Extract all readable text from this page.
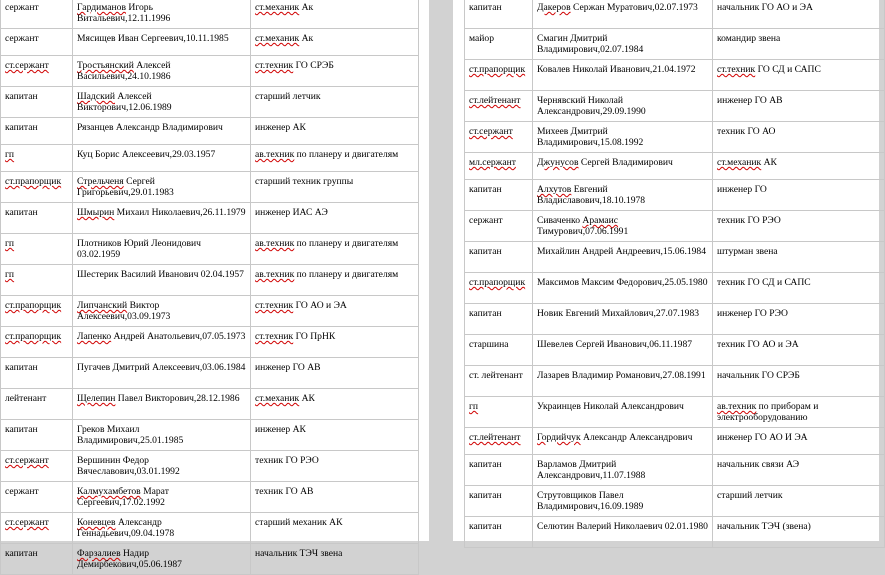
сержант	Гардиманов Игорь Витальевич,12.11.1996	ст.механик Ак
сержант	Мясищев Иван Сергеевич,10.11.1985	ст.механик Ак
ст.сержант	Тростьянский Алексей Васильевич,24.10.1986	ст.техник ГО СРЭБ
капитан	Шадский Алексей Викторович,12.06.1989	старший летчик
капитан	Рязанцев Александр Владимирович	инженер АК
гп	Куц Борис Алексеевич,29.03.1957	ав.техник по планеру и двигателям
ст.прапорщик	Стрельченя Сергей Григорьевич,29.01.1983	старший техник группы
капитан	Шмырин Михаил Николаевич,26.11.1979	инженер ИАС АЭ
гп	Плотников Юрий Леонидович 03.02.1959	ав.техник по планеру и двигателям
гп	Шестерик Василий Иванович 02.04.1957	ав.техник по планеру и двигателям
ст.прапорщик	Липчанский Виктор Алексеевич,03.09.1973	ст.техник ГО АО и ЭА
ст.прапорщик	Лапенко Андрей Анатольевич,07.05.1973	ст.техник ГО ПрНК
капитан	Пугачев Дмитрий Алексеевич,03.06.1984	инженер ГО АВ
лейтенант	Щелепин Павел Викторович,28.12.1986	ст.механик АК
капитан	Греков Михаил Владимирович,25.01.1985	инженер АК
ст.сержант	Вершинин Федор Вячеславович,03.01.1992	техник ГО РЭО
сержант	Калмухамбетов Марат Сергеевич,17.02.1992	техник ГО АВ
ст.сержант	Коневцев Александр Геннадьевич,09.04.1978	старший механик АК
капитан	Фарзалиев Надир Демирбекович,05.06.1987	начальник ТЭЧ звена
капитан	Дакеров Сержан Муратович,02.07.1973	начальник ГО АО и ЭА
майор	Смагин Дмитрий Владимирович,02.07.1984	командир звена
ст.прапорщик	Ковалев Николай Иванович,21.04.1972	ст.техник ГО СД и САПС
ст.лейтенант	Чернявский Николай Александрович,29.09.1990	инженер ГО АВ
ст.сержант	Михеев Дмитрий Владимирович,15.08.1992	техник ГО АО
мл.сержант	Джунусов Сергей Владимирович	ст.механик АК
капитан	Алхутов Евгений Владиславович,18.10.1978	инженер ГО
сержант	Сиваченко Арамаис Тимурович,07.06.1991	техник ГО РЭО
капитан	Михайлин Андрей Андреевич,15.06.1984	штурман звена
ст.прапорщик	Максимов Максим Федорович,25.05.1980	техник ГО СД и САПС
капитан	Новик Евгений Михайлович,27.07.1983	инженер ГО РЭО
старшина	Шевелев Сергей Иванович,06.11.1987	техник ГО АО и ЭА
ст. лейтенант	Лазарев Владимир Романович,27.08.1991	начальник ГО СРЭБ
гп	Украинцев Николай Александрович	ав.техник по приборам и электрооборудованию
ст.лейтенант	Гордийчук Александр Александрович	инженер ГО АО И ЭА
капитан	Варламов Дмитрий Александрович,11.07.1988	начальник связи АЭ
капитан	Струтовщиков Павел Владимирович,16.09.1989	старший летчик
капитан	Селютин Валерий Николаевич 02.01.1980	начальник ТЭЧ (звена)
